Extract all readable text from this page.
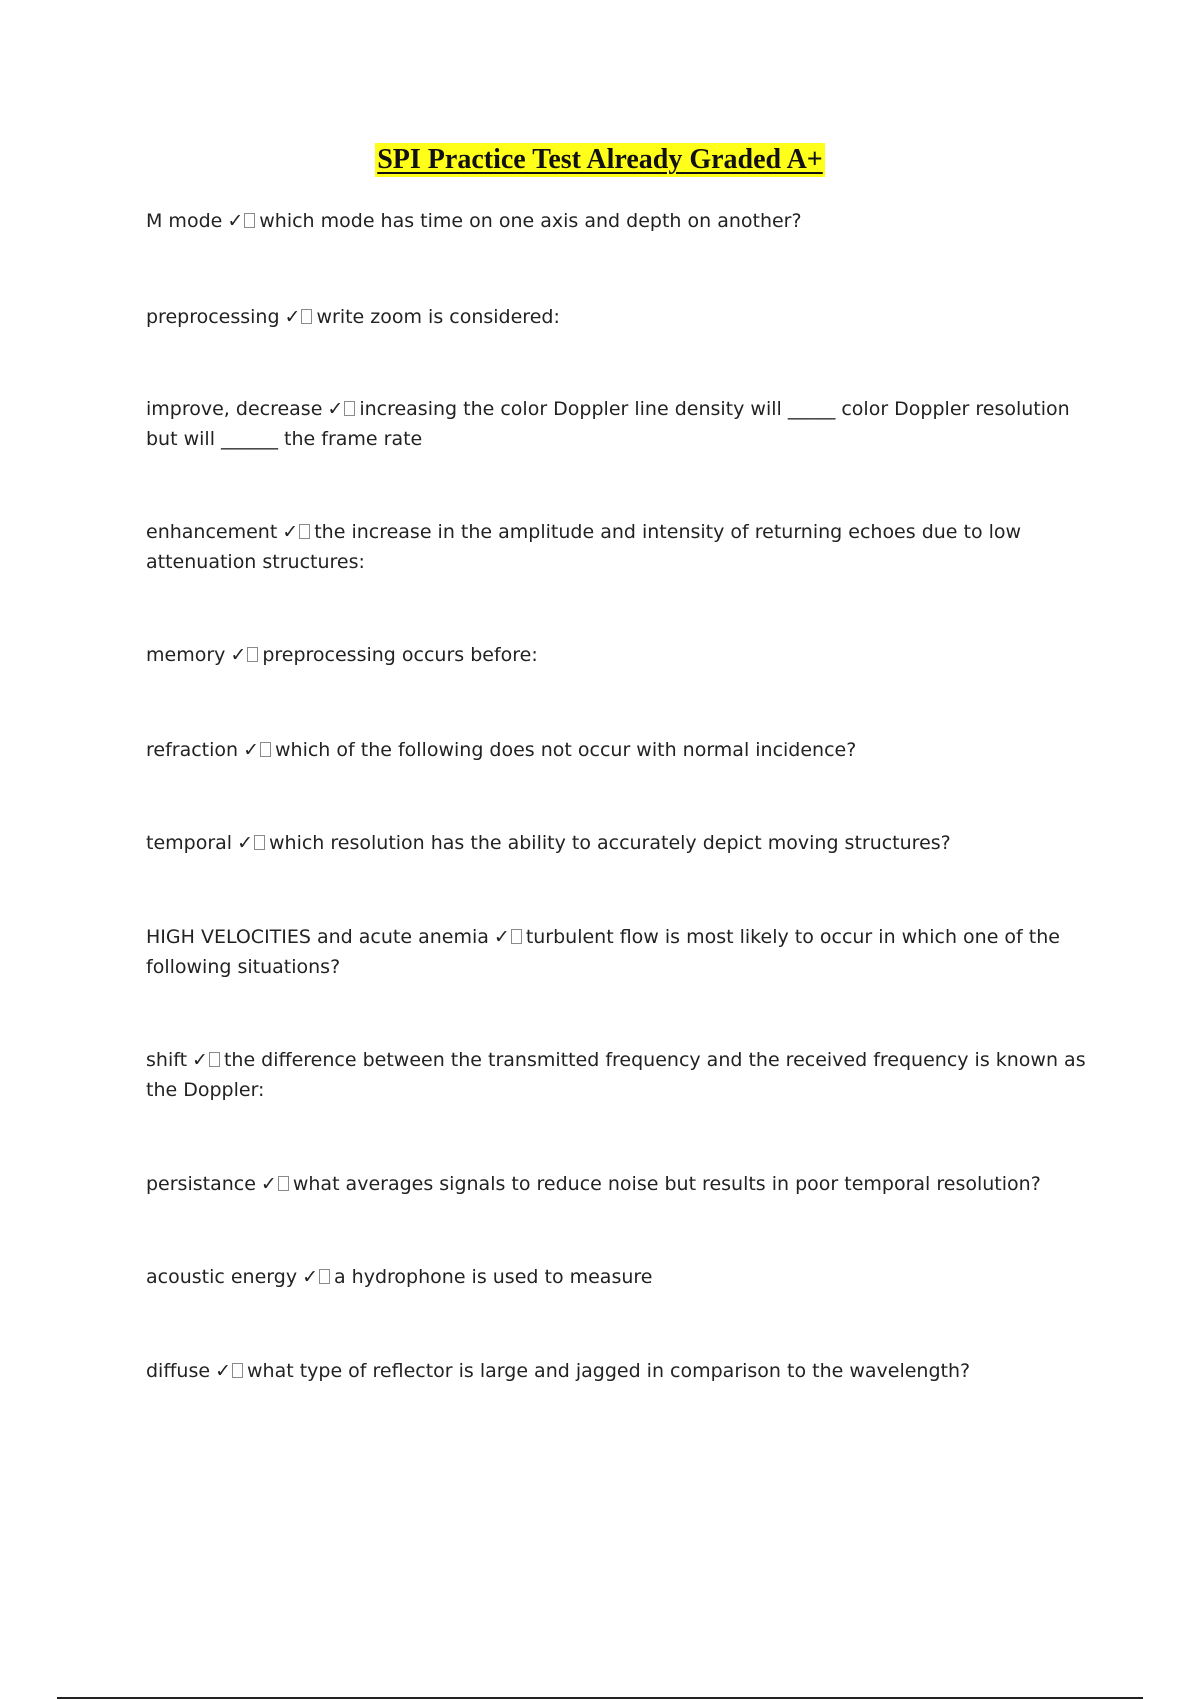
SPI Practice Test Already Graded A+
M mode ✓ which mode has time on one axis and depth on another?
preprocessing ✓ write zoom is considered:
improve, decrease ✓ increasing the color Doppler line density will _____ color Doppler resolution but will ______ the frame rate
enhancement ✓ the increase in the amplitude and intensity of returning echoes due to low attenuation structures:
memory ✓ preprocessing occurs before:
refraction ✓ which of the following does not occur with normal incidence?
temporal ✓ which resolution has the ability to accurately depict moving structures?
HIGH VELOCITIES and acute anemia ✓ turbulent flow is most likely to occur in which one of the following situations?
shift ✓ the difference between the transmitted frequency and the received frequency is known as the Doppler:
persistance ✓ what averages signals to reduce noise but results in poor temporal resolution?
acoustic energy ✓ a hydrophone is used to measure
diffuse ✓ what type of reflector is large and jagged in comparison to the wavelength?
